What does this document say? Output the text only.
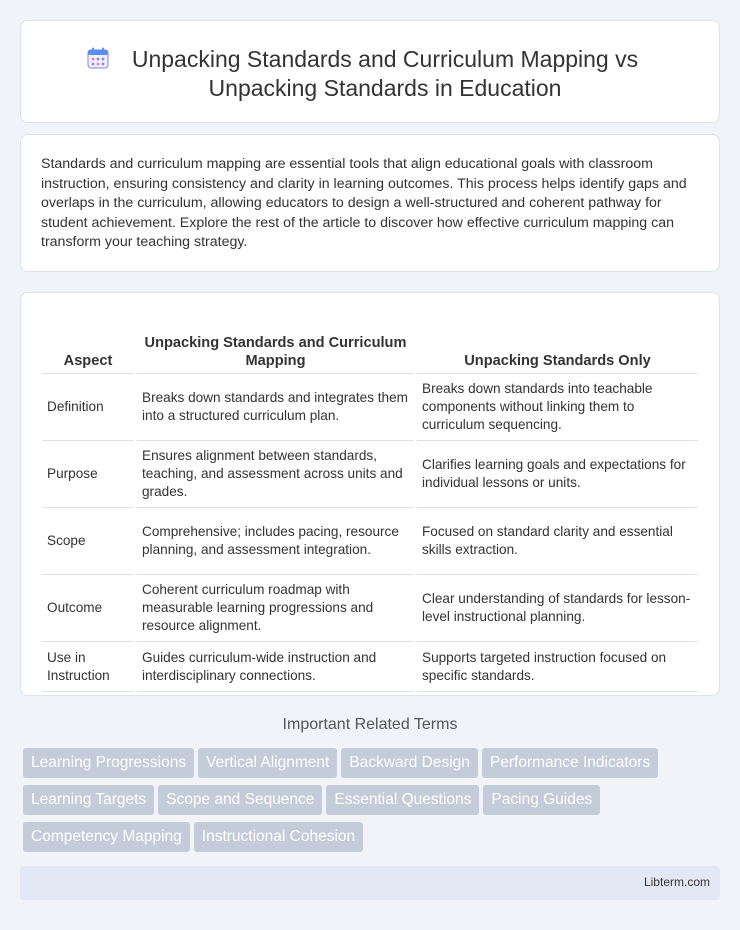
Unpacking Standards and Curriculum Mapping vs Unpacking Standards in Education

Standards and curriculum mapping are essential tools that align educational goals with classroom instruction, ensuring consistency and clarity in learning outcomes. This process helps identify gaps and overlaps in the curriculum, allowing educators to design a well-structured and coherent pathway for student achievement. Explore the rest of the article to discover how effective curriculum mapping can transform your teaching strategy.

Aspect	Unpacking Standards and Curriculum Mapping	Unpacking Standards Only
Definition	Breaks down standards and integrates them into a structured curriculum plan.	Breaks down standards into teachable components without linking them to curriculum sequencing.
Purpose	Ensures alignment between standards, teaching, and assessment across units and grades.	Clarifies learning goals and expectations for individual lessons or units.
Scope	Comprehensive; includes pacing, resource planning, and assessment integration.	Focused on standard clarity and essential skills extraction.
Outcome	Coherent curriculum roadmap with measurable learning progressions and resource alignment.	Clear understanding of standards for lesson-level instructional planning.
Use in Instruction	Guides curriculum-wide instruction and interdisciplinary connections.	Supports targeted instruction focused on specific standards.
Important Related Terms
Learning Progressions Vertical Alignment Backward Design Performance Indicators
Learning Targets Scope and Sequence Essential Questions Pacing Guides
Competency Mapping Instructional Cohesion
Libterm.com
